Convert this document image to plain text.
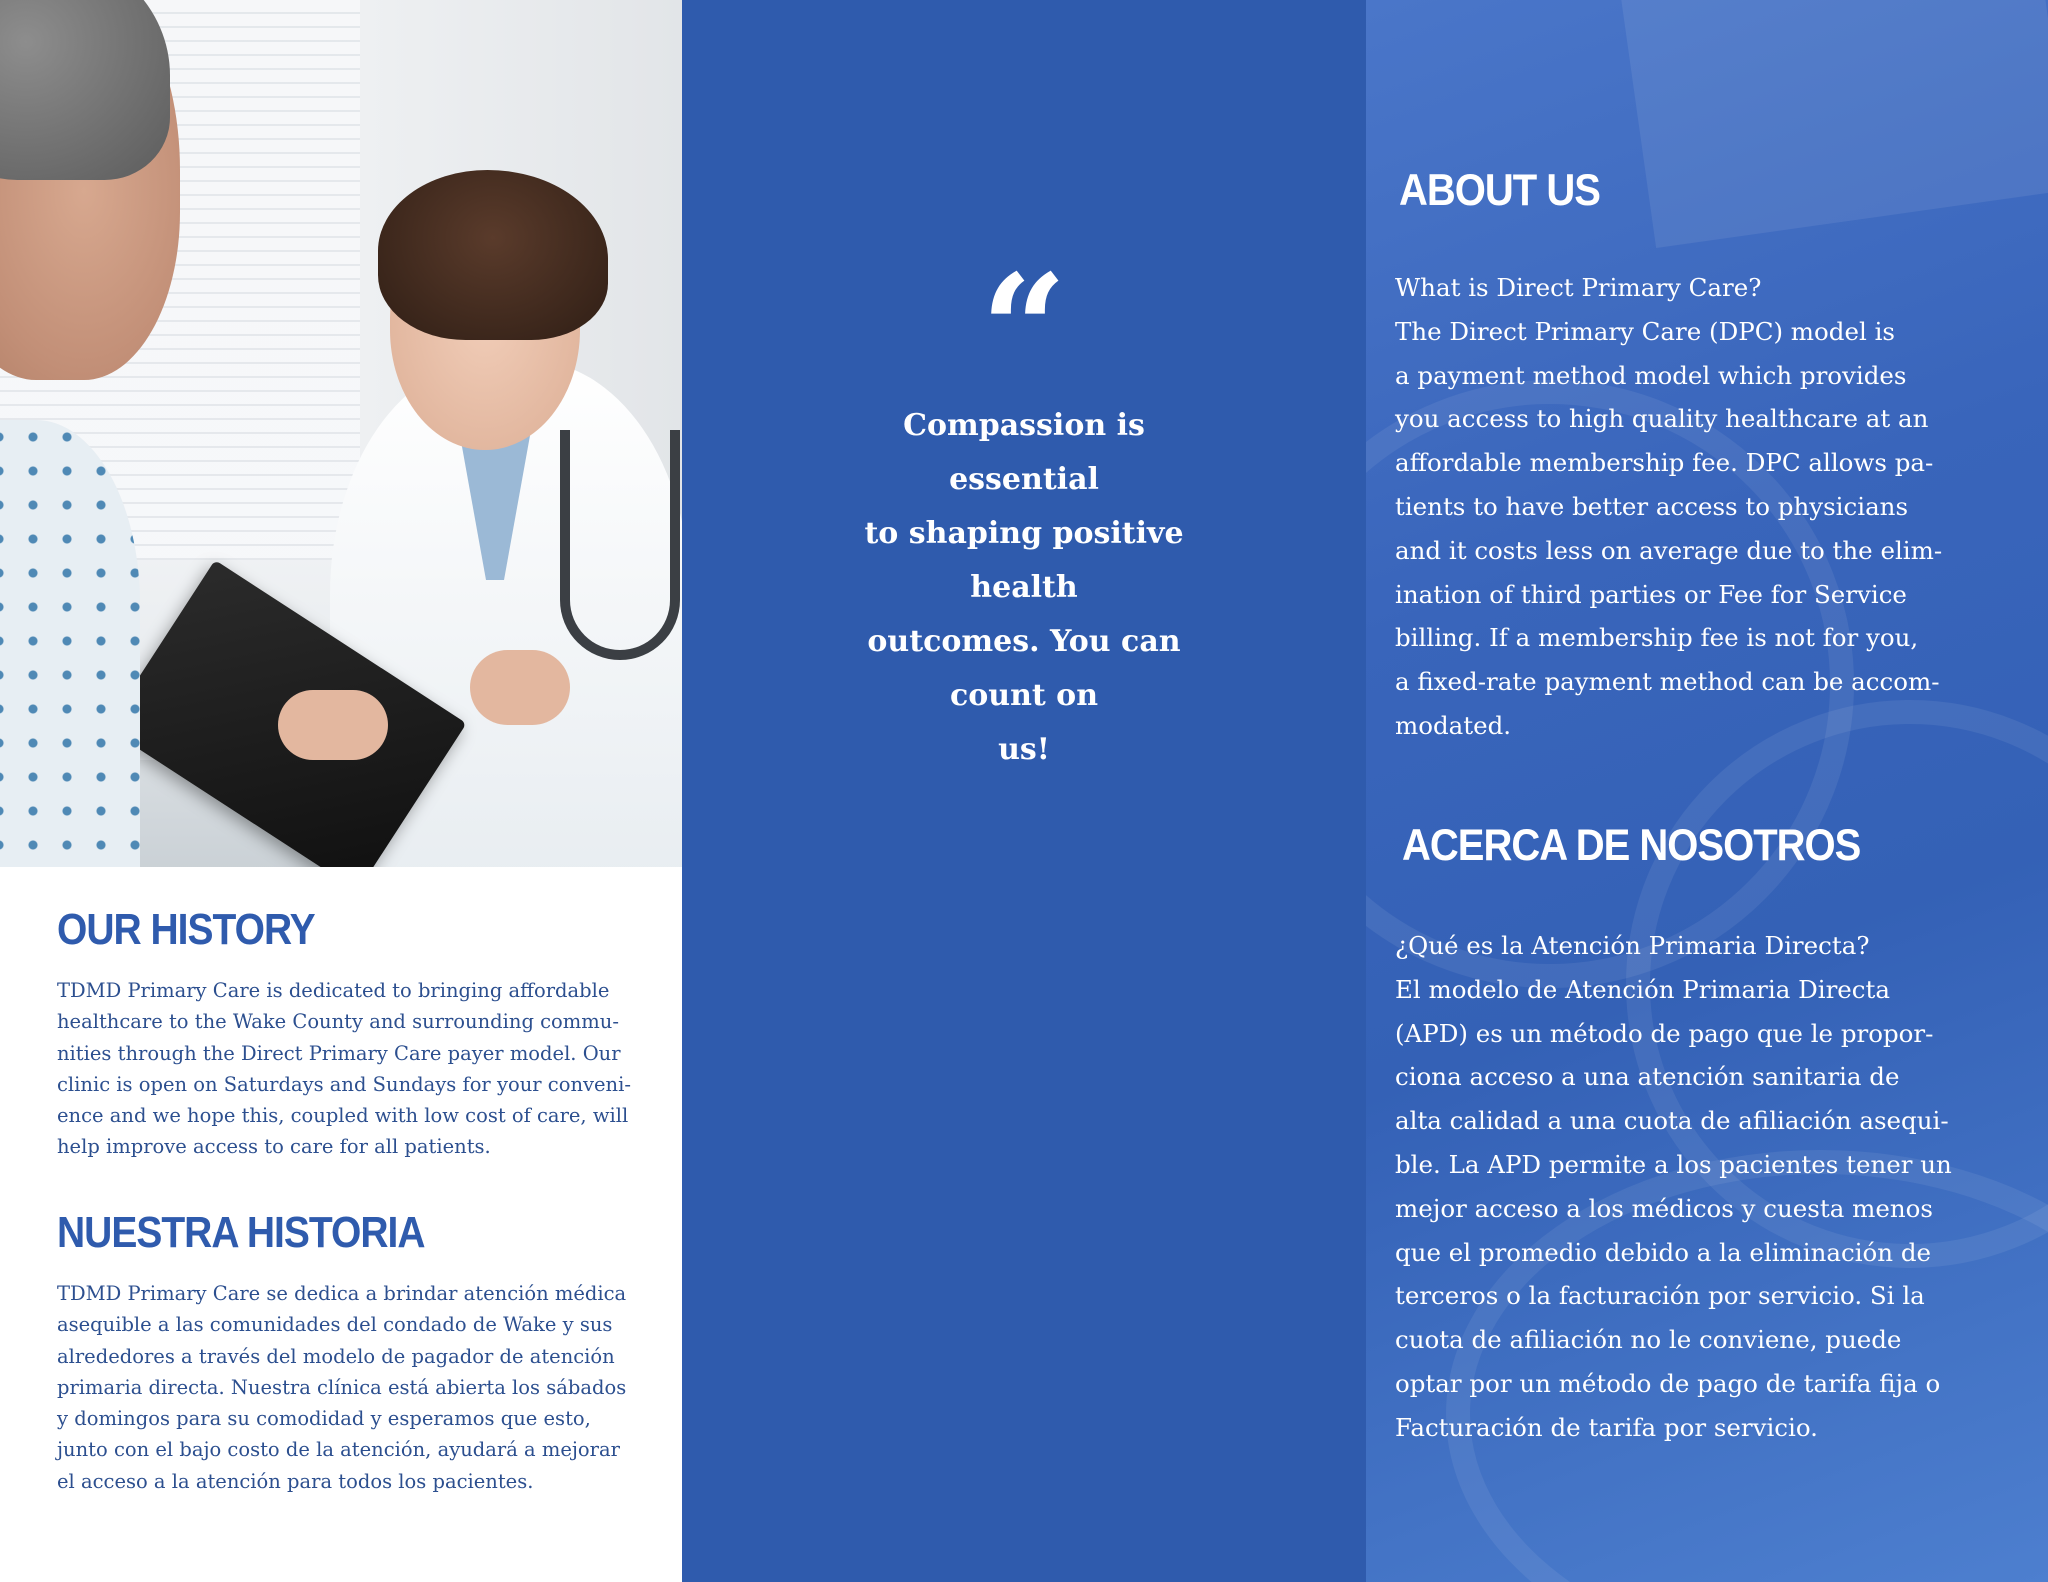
OUR HISTORY

TDMD Primary Care is dedicated to bringing affordable
healthcare to the Wake County and surrounding commu-
nities through the Direct Primary Care payer model. Our
clinic is open on Saturdays and Sundays for your conveni-
ence and we hope this, coupled with low cost of care, will
help improve access to care for all patients.

NUESTRA HISTORIA

TDMD Primary Care se dedica a brindar atención médica
asequible a las comunidades del condado de Wake y sus
alrededores a través del modelo de pagador de atención
primaria directa. Nuestra clínica está abierta los sábados
y domingos para su comodidad y esperamos que esto,
junto con el bajo costo de la atención, ayudará a mejorar
el acceso a la atención para todos los pacientes.

“

Compassion is essential
to shaping positive health
outcomes. You can count on
us!

ABOUT US

What is Direct Primary Care?
The Direct Primary Care (DPC) model is
a payment method model which provides
you access to high quality healthcare at an
affordable membership fee. DPC allows pa-
tients to have better access to physicians
and it costs less on average due to the elim-
ination of third parties or Fee for Service
billing. If a membership fee is not for you,
a fixed-rate payment method can be accom-
modated.

ACERCA DE NOSOTROS

¿Qué es la Atención Primaria Directa?
El modelo de Atención Primaria Directa
(APD) es un método de pago que le propor-
ciona acceso a una atención sanitaria de
alta calidad a una cuota de afiliación asequi-
ble. La APD permite a los pacientes tener un
mejor acceso a los médicos y cuesta menos
que el promedio debido a la eliminación de
terceros o la facturación por servicio. Si la
cuota de afiliación no le conviene, puede
optar por un método de pago de tarifa fija o
Facturación de tarifa por servicio.
